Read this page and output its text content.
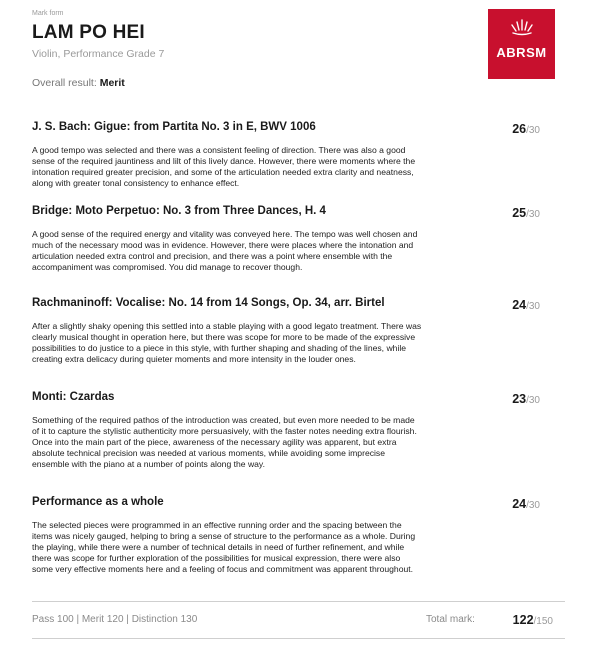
Mark form
LAM PO HEI
Violin, Performance Grade 7
Overall result: Merit
ABRSM
J. S. Bach: Gigue: from Partita No. 3 in E, BWV 1006	26/30
A good tempo was selected and there was a consistent feeling of direction. There was also a good sense of the required jauntiness and lilt of this lively dance. However, there were moments where the intonation required greater precision, and some of the articulation needed extra clarity and neatness, along with greater tonal consistency to enhance effect.
Bridge: Moto Perpetuo: No. 3 from Three Dances, H. 4	25/30
A good sense of the required energy and vitality was conveyed here. The tempo was well chosen and much of the necessary mood was in evidence. However, there were places where the intonation and articulation needed extra control and precision, and there was a point where ensemble with the accompaniment was compromised. You did manage to recover though.
Rachmaninoff: Vocalise: No. 14 from 14 Songs, Op. 34, arr. Birtel	24/30
After a slightly shaky opening this settled into a stable playing with a good legato treatment. There was clearly musical thought in operation here, but there was scope for more to be made of the expressive possibilities to do justice to a piece in this style, with further shaping and shading of the lines, while creating extra delicacy during quieter moments and more intensity in the louder ones.
Monti: Czardas	23/30
Something of the required pathos of the introduction was created, but even more needed to be made of it to capture the stylistic authenticity more persuasively, with the faster notes needing extra flourish. Once into the main part of the piece, awareness of the necessary agility was apparent, but extra absolute technical precision was needed at various moments, while avoiding some imprecise ensemble with the piano at a number of points along the way.
Performance as a whole	24/30
The selected pieces were programmed in an effective running order and the spacing between the items was nicely gauged, helping to bring a sense of structure to the performance as a whole. During the playing, while there were a number of technical details in need of further refinement, and while there was scope for further exploration of the possibilities for musical expression, there were also some very effective moments here and a feeling of focus and commitment was apparent throughout.
Pass 100 | Merit 120 | Distinction 130	Total mark:	122/150
